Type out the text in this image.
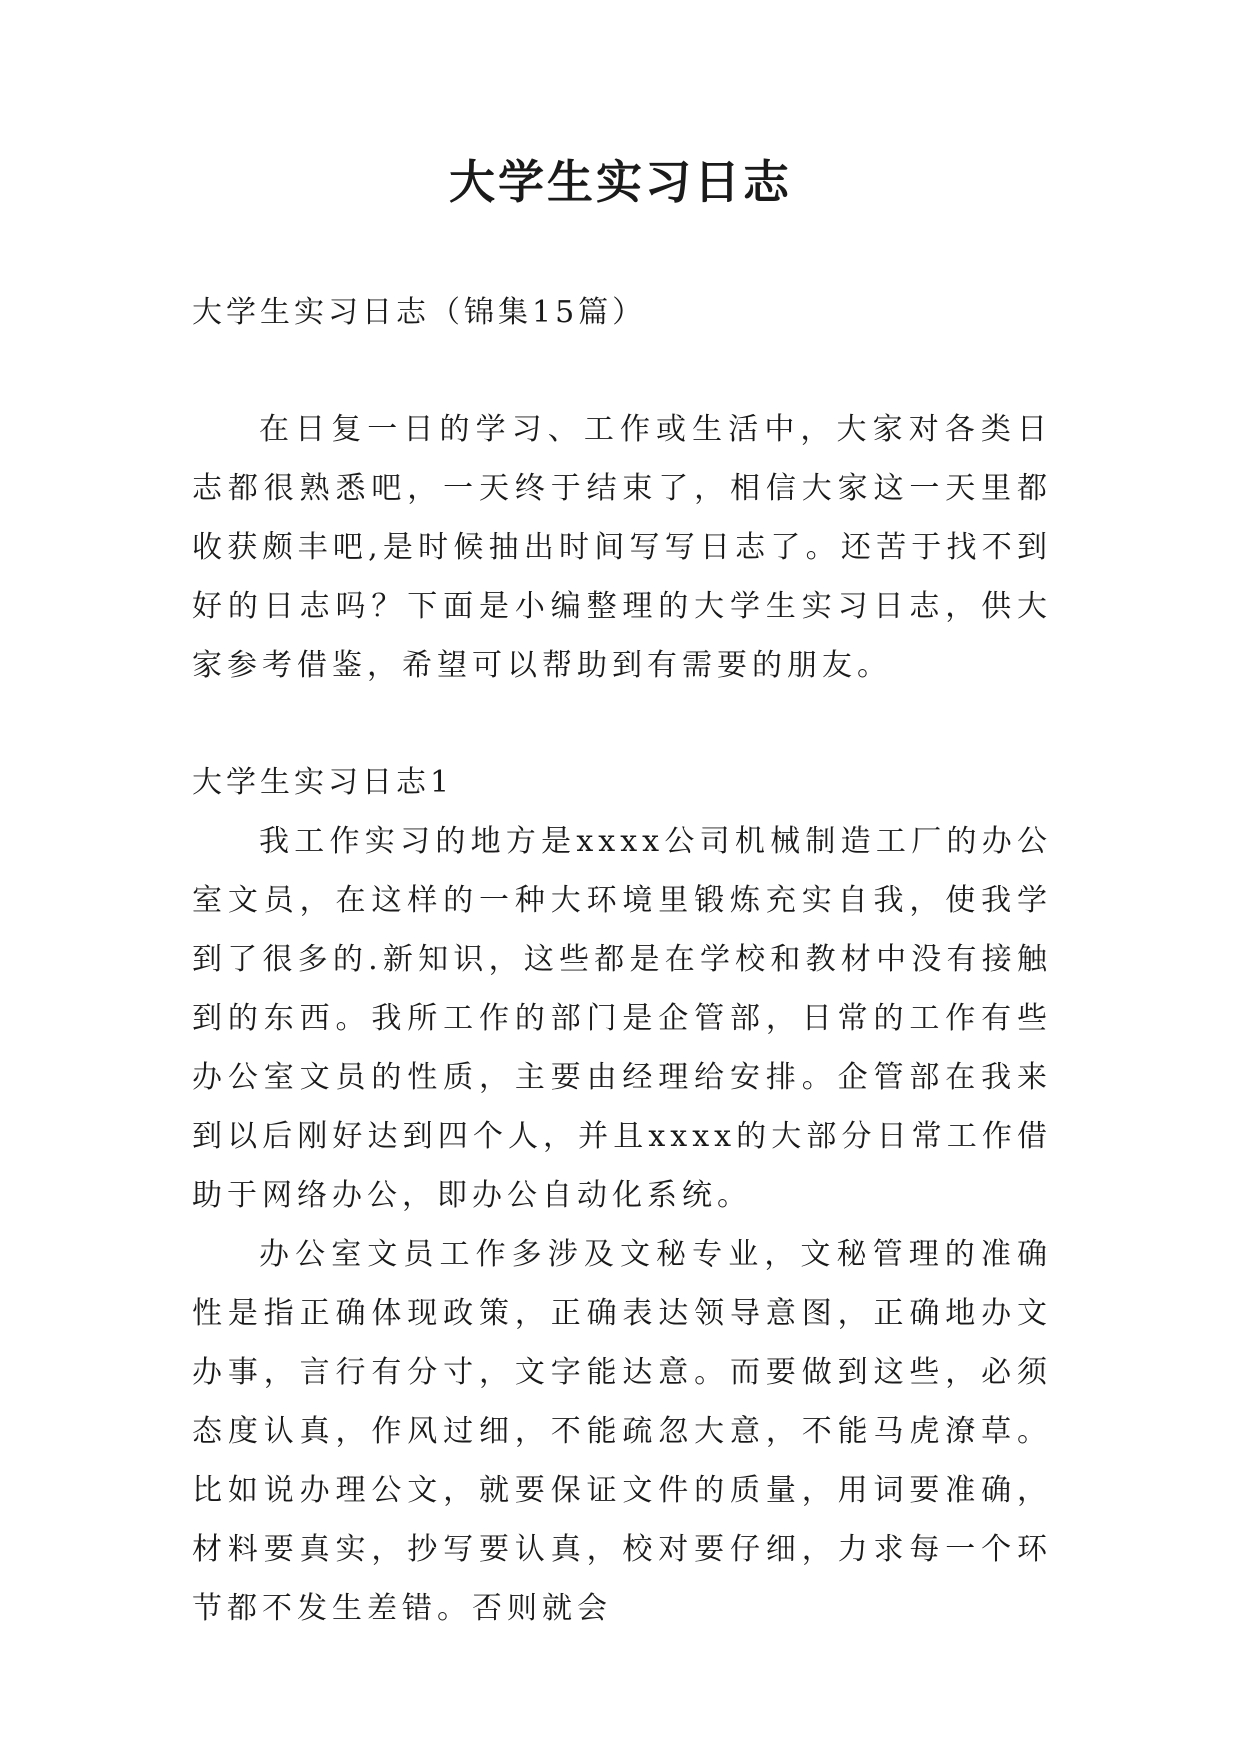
大学生实习日志

大学生实习日志（锦集15篇）

在日复一日的学习、工作或生活中，大家对各类日志都很熟悉吧，一天终于结束了，相信大家这一天里都收获颇丰吧,是时候抽出时间写写日志了。还苦于找不到好的日志吗？下面是小编整理的大学生实习日志，供大家参考借鉴，希望可以帮助到有需要的朋友。

大学生实习日志1

我工作实习的地方是xxxx公司机械制造工厂的办公室文员，在这样的一种大环境里锻炼充实自我，使我学到了很多的.新知识，这些都是在学校和教材中没有接触到的东西。我所工作的部门是企管部，日常的工作有些办公室文员的性质，主要由经理给安排。企管部在我来到以后刚好达到四个人，并且xxxx的大部分日常工作借助于网络办公，即办公自动化系统。

办公室文员工作多涉及文秘专业，文秘管理的准确性是指正确体现政策，正确表达领导意图，正确地办文办事，言行有分寸，文字能达意。而要做到这些，必须态度认真，作风过细，不能疏忽大意，不能马虎潦草。比如说办理公文，就要保证文件的质量，用词要准确，材料要真实，抄写要认真，校对要仔细，力求每一个环节都不发生差错。否则就会
